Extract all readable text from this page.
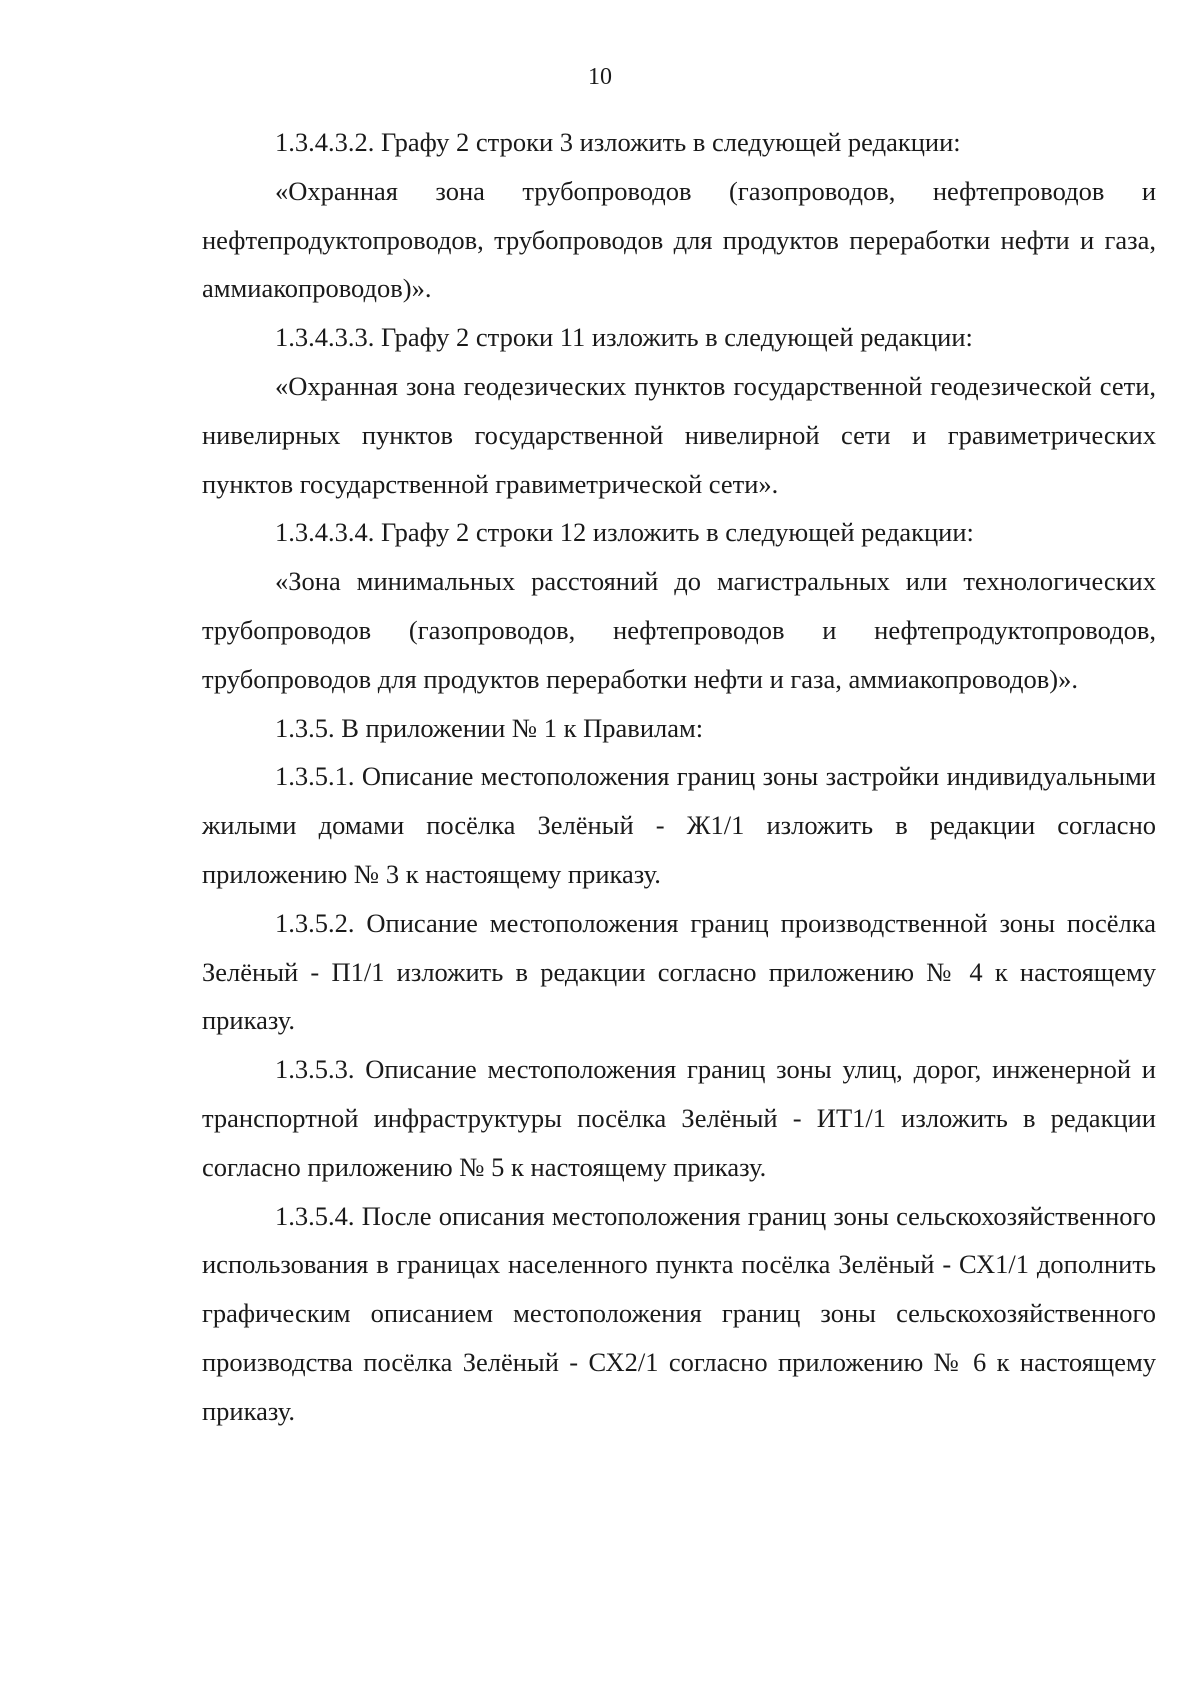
10

1.3.4.3.2. Графу 2 строки 3 изложить в следующей редакции:

«Охранная зона трубопроводов (газопроводов, нефтепроводов и нефтепродуктопроводов, трубопроводов для продуктов переработки нефти и газа, аммиакопроводов)».

1.3.4.3.3. Графу 2 строки 11 изложить в следующей редакции:

«Охранная зона геодезических пунктов государственной геодезической сети, нивелирных пунктов государственной нивелирной сети и гравиметрических пунктов государственной гравиметрической сети».

1.3.4.3.4. Графу 2 строки 12 изложить в следующей редакции:

«Зона минимальных расстояний до магистральных или технологических трубопроводов (газопроводов, нефтепроводов и нефтепродуктопроводов, трубопроводов для продуктов переработки нефти и газа, аммиакопроводов)».

1.3.5. В приложении № 1 к Правилам:

1.3.5.1. Описание местоположения границ зоны застройки индивидуальными жилыми домами посёлка Зелёный - Ж1/1 изложить в редакции согласно приложению № 3 к настоящему приказу.

1.3.5.2. Описание местоположения границ производственной зоны посёлка Зелёный - П1/1 изложить в редакции согласно приложению № 4 к настоящему приказу.

1.3.5.3. Описание местоположения границ зоны улиц, дорог, инженерной и транспортной инфраструктуры посёлка Зелёный - ИТ1/1 изложить в редакции согласно приложению № 5 к настоящему приказу.

1.3.5.4. После описания местоположения границ зоны сельскохозяйственного использования в границах населенного пункта посёлка Зелёный - СХ1/1 дополнить графическим описанием местоположения границ зоны сельскохозяйственного производства посёлка Зелёный - СХ2/1 согласно приложению № 6 к настоящему приказу.
